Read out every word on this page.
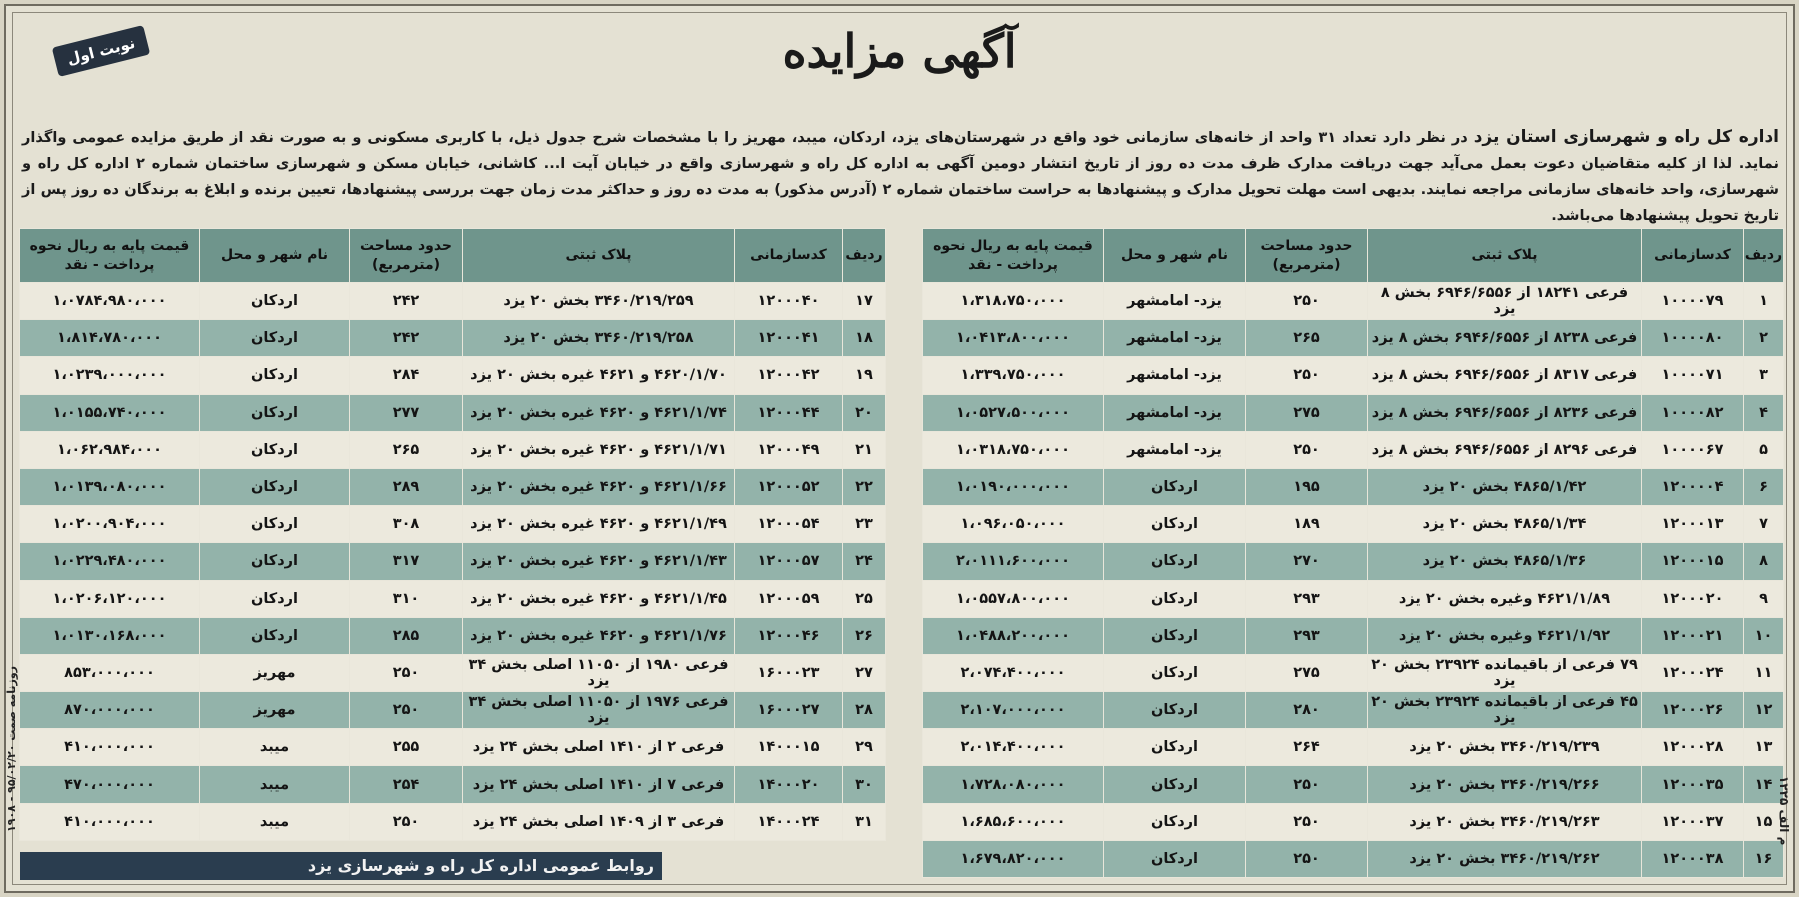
نوبت اول	آگهی مزایده

اداره کل راه و شهرسازی استان یزد در نظر دارد تعداد ۳۱ واحد از خانه‌های سازمانی خود واقع در شهرستان‌های یزد، اردکان، میبد، مهریز را با مشخصات شرح جدول ذیل، با کاربری مسکونی و به صورت نقد از طریق مزایده عمومی واگذار نماید. لذا از کلیه متقاضیان دعوت بعمل می‌آید جهت دریافت مدارک ظرف مدت ده روز از تاریخ انتشار دومین آگهی به اداره کل راه و شهرسازی واقع در خیابان آیت ا... کاشانی، خیابان مسکن و شهرسازی ساختمان شماره ۲ اداره کل راه و شهرسازی، واحد خانه‌های سازمانی مراجعه نمایند. بدیهی است مهلت تحویل مدارک و پیشنهادها به حراست ساختمان شماره ۲ (آدرس مذکور) به مدت ده روز و حداکثر مدت زمان جهت بررسی پیشنهادها، تعیین برنده و ابلاغ به برندگان ده روز پس از تاریخ تحویل پیشنهادها می‌باشد.

ردیف	کدسازمانی	پلاک ثبتی	حدود مساحت (مترمربع)	نام شهر و محل	قیمت پایه به ریال نحوه پرداخت - نقد
۱	۱۰۰۰۰۷۹	فرعی ۱۸۲۴۱ از ۶۹۴۶/۶۵۵۶ بخش ۸ یزد	۲۵۰	یزد- امامشهر	۱،۳۱۸،۷۵۰،۰۰۰
۲	۱۰۰۰۰۸۰	فرعی ۸۲۳۸ از ۶۹۴۶/۶۵۵۶ بخش ۸ یزد	۲۶۵	یزد- امامشهر	۱،۰۴۱۳،۸۰۰،۰۰۰
۳	۱۰۰۰۰۷۱	فرعی ۸۳۱۷ از ۶۹۴۶/۶۵۵۶ بخش ۸ یزد	۲۵۰	یزد- امامشهر	۱،۳۳۹،۷۵۰،۰۰۰
۴	۱۰۰۰۰۸۲	فرعی ۸۲۳۶ از ۶۹۴۶/۶۵۵۶ بخش ۸ یزد	۲۷۵	یزد- امامشهر	۱،۰۵۲۷،۵۰۰،۰۰۰
۵	۱۰۰۰۰۶۷	فرعی ۸۲۹۶ از ۶۹۴۶/۶۵۵۶ بخش ۸ یزد	۲۵۰	یزد- امامشهر	۱،۰۳۱۸،۷۵۰،۰۰۰
۶	۱۲۰۰۰۰۴	۴۸۶۵/۱/۴۲ بخش ۲۰ یزد	۱۹۵	اردکان	۱،۰۱۹۰،۰۰۰،۰۰۰
۷	۱۲۰۰۰۱۳	۴۸۶۵/۱/۳۴ بخش ۲۰ یزد	۱۸۹	اردکان	۱،۰۹۶،۰۵۰،۰۰۰
۸	۱۲۰۰۰۱۵	۴۸۶۵/۱/۳۶ بخش ۲۰ یزد	۲۷۰	اردکان	۲،۰۱۱۱،۶۰۰،۰۰۰
۹	۱۲۰۰۰۲۰	۴۶۲۱/۱/۸۹ وغیره بخش ۲۰ یزد	۲۹۳	اردکان	۱،۰۵۵۷،۸۰۰،۰۰۰
۱۰	۱۲۰۰۰۲۱	۴۶۲۱/۱/۹۲ وغیره بخش ۲۰ یزد	۲۹۳	اردکان	۱،۰۴۸۸،۲۰۰،۰۰۰
۱۱	۱۲۰۰۰۲۴	۷۹ فرعی از باقیمانده ۲۳۹۲۴ بخش ۲۰ یزد	۲۷۵	اردکان	۲،۰۷۴،۴۰۰،۰۰۰
۱۲	۱۲۰۰۰۲۶	۴۵ فرعی از باقیمانده ۲۳۹۲۴ بخش ۲۰ یزد	۲۸۰	اردکان	۲،۱۰۷،۰۰۰،۰۰۰
۱۳	۱۲۰۰۰۲۸	۳۴۶۰/۲۱۹/۲۳۹ بخش ۲۰ یزد	۲۶۴	اردکان	۲،۰۱۴،۴۰۰،۰۰۰
۱۴	۱۲۰۰۰۳۵	۳۴۶۰/۲۱۹/۲۶۶ بخش ۲۰ یزد	۲۵۰	اردکان	۱،۷۲۸،۰۸۰،۰۰۰
۱۵	۱۲۰۰۰۳۷	۳۴۶۰/۲۱۹/۲۶۳ بخش ۲۰ یزد	۲۵۰	اردکان	۱،۶۸۵،۶۰۰،۰۰۰
۱۶	۱۲۰۰۰۳۸	۳۴۶۰/۲۱۹/۲۶۲ بخش ۲۰ یزد	۲۵۰	اردکان	۱،۶۷۹،۸۲۰،۰۰۰
ردیف	کدسازمانی	پلاک ثبتی	حدود مساحت (مترمربع)	نام شهر و محل	قیمت پایه به ریال نحوه پرداخت - نقد
۱۷	۱۲۰۰۰۴۰	۳۴۶۰/۲۱۹/۲۵۹ بخش ۲۰ یزد	۲۴۲	اردکان	۱،۰۷۸۴،۹۸۰،۰۰۰
۱۸	۱۲۰۰۰۴۱	۳۴۶۰/۲۱۹/۲۵۸ بخش ۲۰ یزد	۲۴۲	اردکان	۱،۸۱۴،۷۸۰،۰۰۰
۱۹	۱۲۰۰۰۴۲	۴۶۲۰/۱/۷۰ و ۴۶۲۱ غیره بخش ۲۰ یزد	۲۸۴	اردکان	۱،۰۲۳۹،۰۰۰،۰۰۰
۲۰	۱۲۰۰۰۴۴	۴۶۲۱/۱/۷۴ و ۴۶۲۰ غیره بخش ۲۰ یزد	۲۷۷	اردکان	۱،۰۱۵۵،۷۴۰،۰۰۰
۲۱	۱۲۰۰۰۴۹	۴۶۲۱/۱/۷۱ و ۴۶۲۰ غیره بخش ۲۰ یزد	۲۶۵	اردکان	۱،۰۶۲،۹۸۴،۰۰۰
۲۲	۱۲۰۰۰۵۲	۴۶۲۱/۱/۶۶ و ۴۶۲۰ غیره بخش ۲۰ یزد	۲۸۹	اردکان	۱،۰۱۳۹،۰۸۰،۰۰۰
۲۳	۱۲۰۰۰۵۴	۴۶۲۱/۱/۴۹ و ۴۶۲۰ غیره بخش ۲۰ یزد	۳۰۸	اردکان	۱،۰۲۰۰،۹۰۴،۰۰۰
۲۴	۱۲۰۰۰۵۷	۴۶۲۱/۱/۴۳ و ۴۶۲۰ غیره بخش ۲۰ یزد	۳۱۷	اردکان	۱،۰۲۲۹،۴۸۰،۰۰۰
۲۵	۱۲۰۰۰۵۹	۴۶۲۱/۱/۴۵ و ۴۶۲۰ غیره بخش ۲۰ یزد	۳۱۰	اردکان	۱،۰۲۰۶،۱۲۰،۰۰۰
۲۶	۱۲۰۰۰۴۶	۴۶۲۱/۱/۷۶ و ۴۶۲۰ غیره بخش ۲۰ یزد	۲۸۵	اردکان	۱،۰۱۳۰،۱۶۸،۰۰۰
۲۷	۱۶۰۰۰۲۳	فرعی ۱۹۸۰ از ۱۱۰۵۰ اصلی بخش ۳۴ یزد	۲۵۰	مهریز	۸۵۳،۰۰۰،۰۰۰
۲۸	۱۶۰۰۰۲۷	فرعی ۱۹۷۶ از ۱۱۰۵۰ اصلی بخش ۳۴ یزد	۲۵۰	مهریز	۸۷۰،۰۰۰،۰۰۰
۲۹	۱۴۰۰۰۱۵	فرعی ۲ از ۱۴۱۰ اصلی بخش ۲۴ یزد	۲۵۵	میبد	۴۱۰،۰۰۰،۰۰۰
۳۰	۱۴۰۰۰۲۰	فرعی ۷ از ۱۴۱۰ اصلی بخش ۲۴ یزد	۲۵۴	میبد	۴۷۰،۰۰۰،۰۰۰
۳۱	۱۴۰۰۰۲۴	فرعی ۳ از ۱۴۰۹ اصلی بخش ۲۴ یزد	۲۵۰	میبد	۴۱۰،۰۰۰،۰۰۰
روابط عمومی اداره کل راه و شهرسازی یزد
م الف ۱۲۲۵
روزنامه صمت ۹۵/۰۲/۲۰ - ۱۹۰۸
